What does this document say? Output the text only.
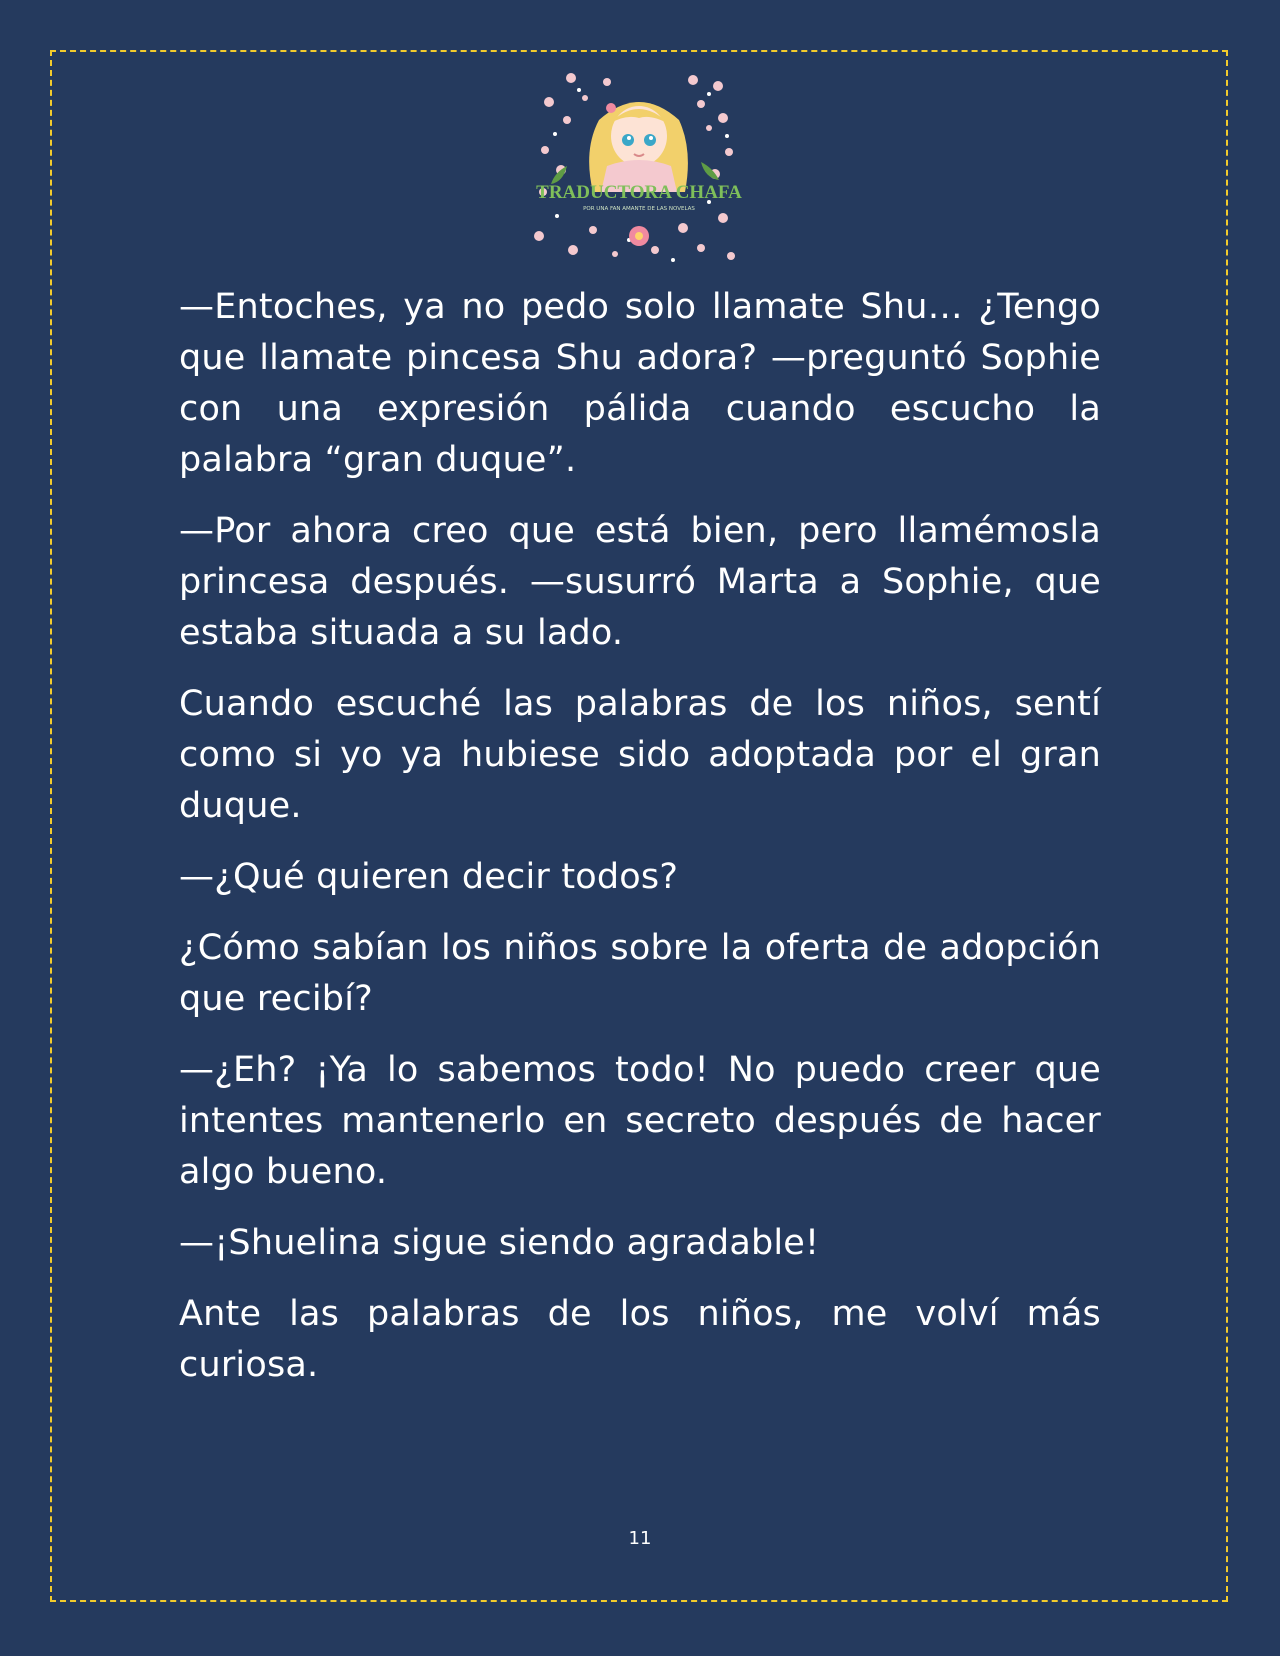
TRADUCTORA CHAFA
POR UNA FAN AMANTE DE LAS NOVELAS

—Entoches, ya no pedo solo llamate Shu… ¿Tengo que llamate pincesa Shu adora? —preguntó Sophie con una expresión pálida cuando escucho la palabra “gran duque”.

—Por ahora creo que está bien, pero llamémosla princesa después. —susurró Marta a Sophie, que estaba situada a su lado.

Cuando escuché las palabras de los niños, sentí como si yo ya hubiese sido adoptada por el gran duque.

—¿Qué quieren decir todos?

¿Cómo sabían los niños sobre la oferta de adopción que recibí?

—¿Eh? ¡Ya lo sabemos todo! No puedo creer que intentes mantenerlo en secreto después de hacer algo bueno.

—¡Shuelina sigue siendo agradable!

Ante las palabras de los niños, me volví más curiosa.

11
